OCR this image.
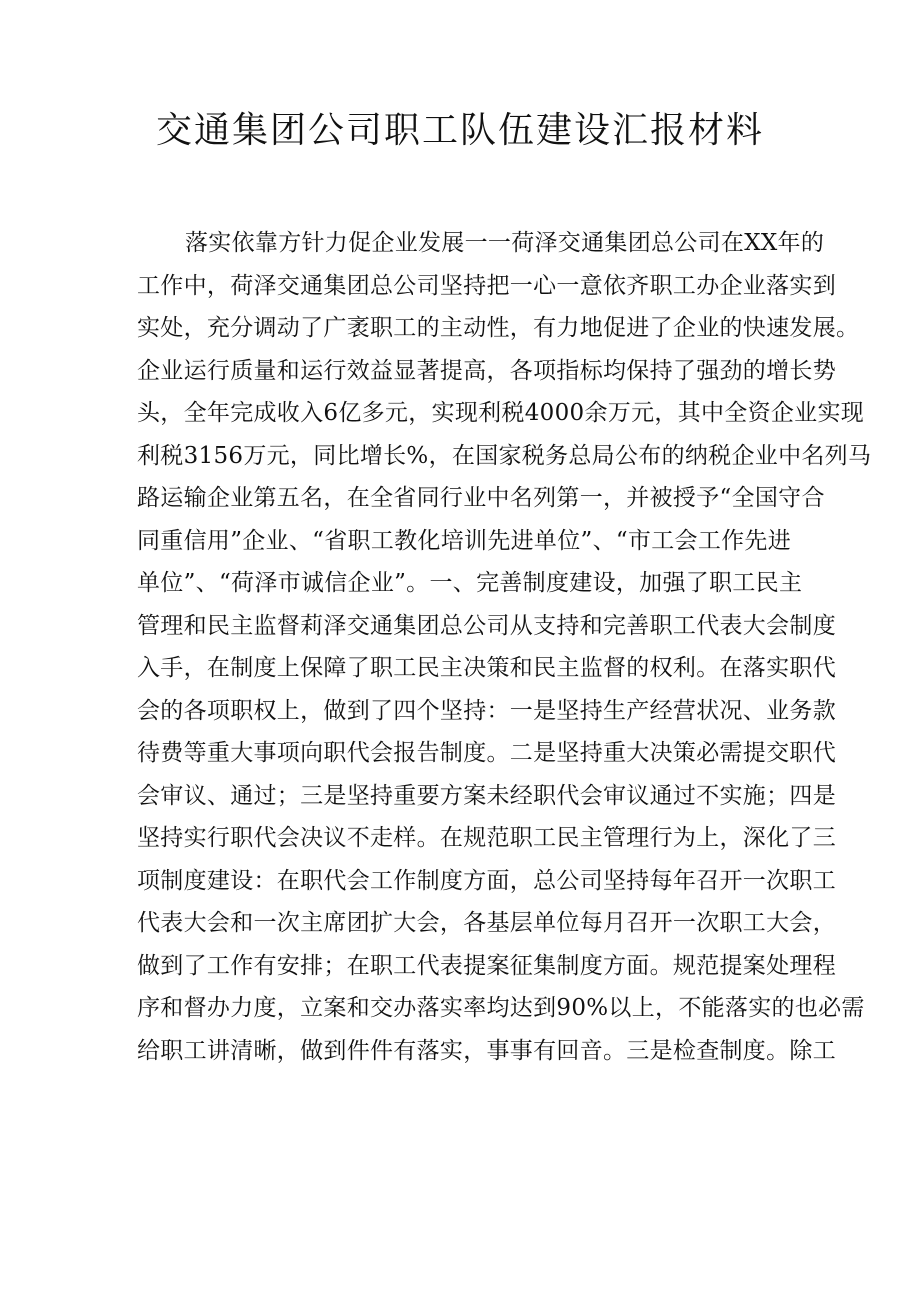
交通集团公司职工队伍建设汇报材料
落实依靠方针力促企业发展一一荷泽交通集团总公司在XX年的
工作中，荷泽交通集团总公司坚持把一心一意依齐职工办企业落实到
实处，充分调动了广袤职工的主动性，有力地促进了企业的快速发展。
企业运行质量和运行效益显著提高，各项指标均保持了强劲的增长势
头，全年完成收入6亿多元，实现利税4000余万元，其中全资企业实现
利税3156万元，同比增长%，在国家税务总局公布的纳税企业中名列马
路运输企业第五名，在全省同行业中名列第一，并被授予“全国守合
同重信用”企业、“省职工教化培训先进单位”、“市工会工作先进
单位”、“荷泽市诚信企业”。一、完善制度建设，加强了职工民主
管理和民主监督莉泽交通集团总公司从支持和完善职工代表大会制度
入手，在制度上保障了职工民主决策和民主监督的权利。在落实职代
会的各项职权上，做到了四个坚持：一是坚持生产经营状况、业务款
待费等重大事项向职代会报告制度。二是坚持重大决策必需提交职代
会审议、通过；三是坚持重要方案未经职代会审议通过不实施；四是
坚持实行职代会决议不走样。在规范职工民主管理行为上，深化了三
项制度建设：在职代会工作制度方面，总公司坚持每年召开一次职工
代表大会和一次主席团扩大会，各基层单位每月召开一次职工大会，
做到了工作有安排；在职工代表提案征集制度方面。规范提案处理程
序和督办力度，立案和交办落实率均达到90%以上，不能落实的也必需
给职工讲清晰，做到件件有落实，事事有回音。三是检查制度。除工
